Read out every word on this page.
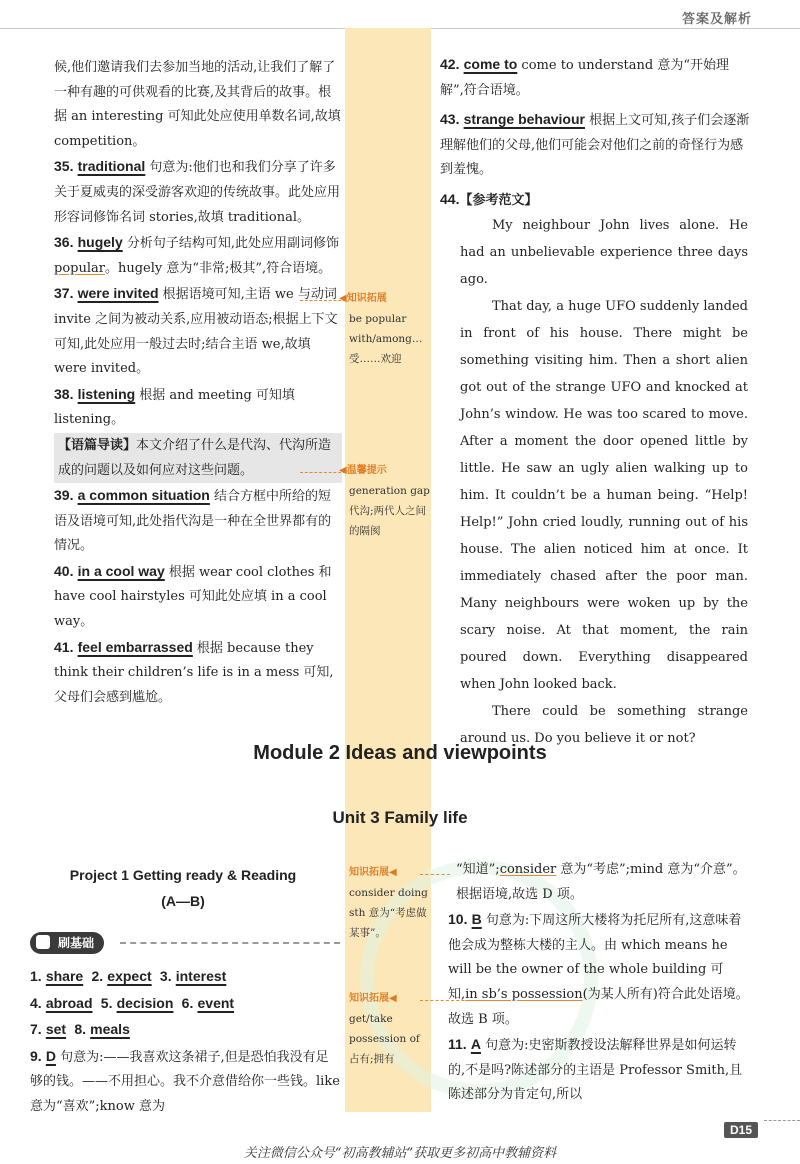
答案及解析

候,他们邀请我们去参加当地的活动,让我们了解了一种有趣的可供观看的比赛,及其背后的故事。根据 an interesting 可知此处应使用单数名词,故填 competition。

35. traditional 句意为:他们也和我们分享了许多关于夏威夷的深受游客欢迎的传统故事。此处应用形容词修饰名词 stories,故填 traditional。

36. hugely 分析句子结构可知,此处应用副词修饰popular。hugely 意为“非常;极其”,符合语境。

37. were invited 根据语境可知,主语 we 与动词 invite 之间为被动关系,应用被动语态;根据上下文可知,此处应用一般过去时;结合主语 we,故填 were invited。

38. listening 根据 and meeting 可知填 listening。

【语篇导读】本文介绍了什么是代沟、代沟所造成的问题以及如何应对这些问题。

39. a common situation 结合方框中所给的短语及语境可知,此处指代沟是一种在全世界都有的情况。

40. in a cool way 根据 wear cool clothes 和 have cool hairstyles 可知此处应填 in a cool way。

41. feel embarrassed 根据 because they think their children’s life is in a mess 可知,父母们会感到尴尬。

◀知识拓展
be popular with/among… 受……欢迎
◀温馨提示
generation gap 代沟;两代人之间的隔阂

42. come to come to understand 意为“开始理解”,符合语境。

43. strange behaviour 根据上文可知,孩子们会逐渐理解他们的父母,他们可能会对他们之前的奇怪行为感到羞愧。

44.【参考范文】

My neighbour John lives alone. He had an unbelievable experience three days ago.

That day, a huge UFO suddenly landed in front of his house. There might be something visiting him. Then a short alien got out of the strange UFO and knocked at John’s window. He was too scared to move. After a moment the door opened little by little. He saw an ugly alien walking up to him. It couldn’t be a human being. “Help! Help!” John cried loudly, running out of his house. The alien noticed him at once. It immediately chased after the poor man. Many neighbours were woken up by the scary noise. At that moment, the rain poured down. Everything disappeared when John looked back.

There could be something strange around us. Do you believe it or not?

Module 2 Ideas and viewpoints
Unit 3 Family life
Project 1 Getting ready & Reading
(A—B)
刷基础

1. share 2. expect 3. interest

4. abroad 5. decision 6. event

7. set 8. meals

9. D 句意为:——我喜欢这条裙子,但是恐怕我没有足够的钱。——不用担心。我不介意借给你一些钱。like 意为“喜欢”;know 意为

知识拓展◀
consider doing sth 意为“考虑做某事”。
知识拓展◀
get/take possession of 占有;拥有

“知道”;consider 意为“考虑”;mind 意为“介意”。根据语境,故选 D 项。

10. B 句意为:下周这所大楼将为托尼所有,这意味着他会成为整栋大楼的主人。由 which means he will be the owner of the whole building 可知,in sb’s possession(为某人所有)符合此处语境。故选 B 项。

11. A 句意为:史密斯教授设法解释世界是如何运转的,不是吗?陈述部分的主语是 Professor Smith,且陈述部分为肯定句,所以

D15
关注微信公众号“初高教辅站”获取更多初高中教辅资料
